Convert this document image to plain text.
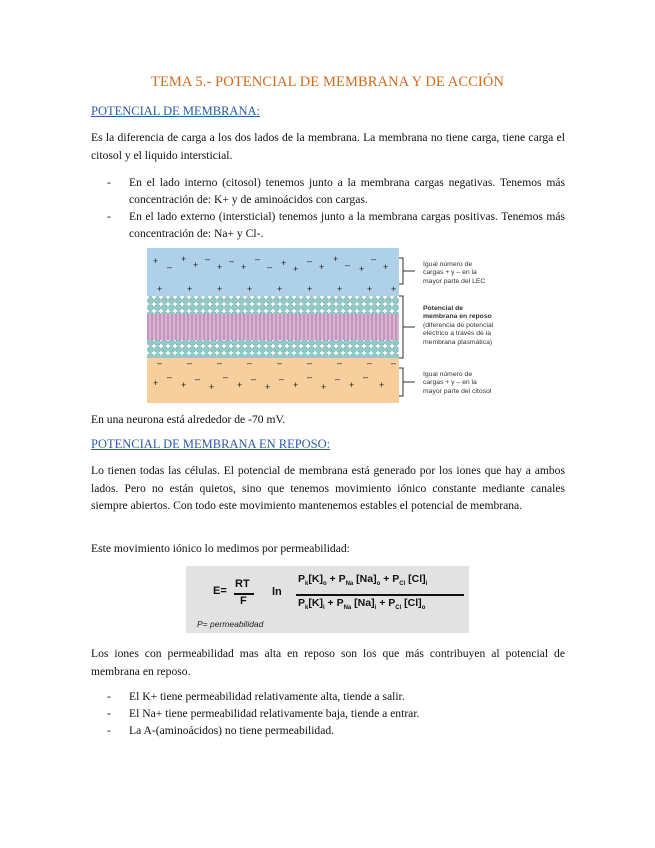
TEMA 5.- POTENCIAL DE MEMBRANA Y DE ACCIÓN
POTENCIAL DE MEMBRANA:
Es la diferencia de carga a los dos lados de la membrana. La membrana no tiene carga, tiene carga el citosol y el liquido intersticial.
- En el lado interno (citosol) tenemos junto a la membrana cargas negativas. Tenemos más concentración de: K+ y de aminoácidos con cargas.
- En el lado externo (intersticial) tenemos junto a la membrana cargas positivas. Tenemos más concentración de: Na+ y Cl-.
+
–
+
+
–
+
–
+
–
– +
+
–
+
+
– +
–
+
+	+	+	+	+	+	+	+ +
–	–	–	–	–	–	–	– –
+
–
+
–
+
–
+
–
+
–
+
–
+
–
+
–
+
Igual número de
cargas + y – en la
mayor parte del LEC
Potencial de
membrana en reposo
(diferencia de potencial
eléctrico a través de la
membrana plasmática)
Igual número de
cargas + y – en la
mayor parte del citosol
En una neurona está alrededor de -70 mV.
POTENCIAL DE MEMBRANA EN REPOSO:
Lo tienen todas las células. El potencial de membrana está generado por los iones que hay a ambos lados. Pero no están quietos, sino que tenemos movimiento iónico constante mediante canales siempre abiertos. Con todo este movimiento mantenemos estables el potencial de membrana.
Este movimiento iónico lo medimos por permeabilidad:
E=
RT
F
ln
$P_k[K]_o + P_{Na}$ $[Na]_o + P_{Cl}$ $[Cl]_i$
$P_k[K]_i + P_{Na}$ $[Na]_i + P_{Cl}$ $[Cl]_o$
P= permeabilidad
Los iones con permeabilidad mas alta en reposo son los que más contribuyen al potencial de membrana en reposo.
- El K+ tiene permeabilidad relativamente alta, tiende a salir.
- El Na+ tiene permeabilidad relativamente baja, tiende a entrar.
- La A-(aminoácidos) no tiene permeabilidad.
